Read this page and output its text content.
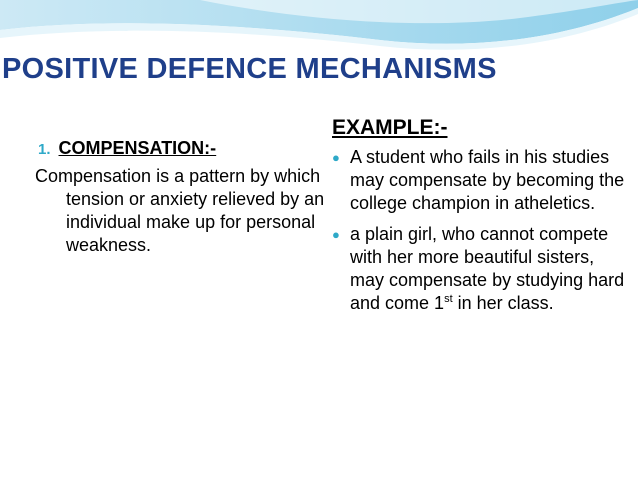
POSITIVE DEFENCE MECHANISMS
1. COMPENSATION:-
Compensation is a pattern by which tension or anxiety relieved by an individual make up for personal weakness.
EXAMPLE:-
● A student who fails in his studies may compensate by becoming the college champion in atheletics.
● a plain girl, who cannot compete with her more beautiful sisters, may compensate by studying hard and come 1st in her class.
